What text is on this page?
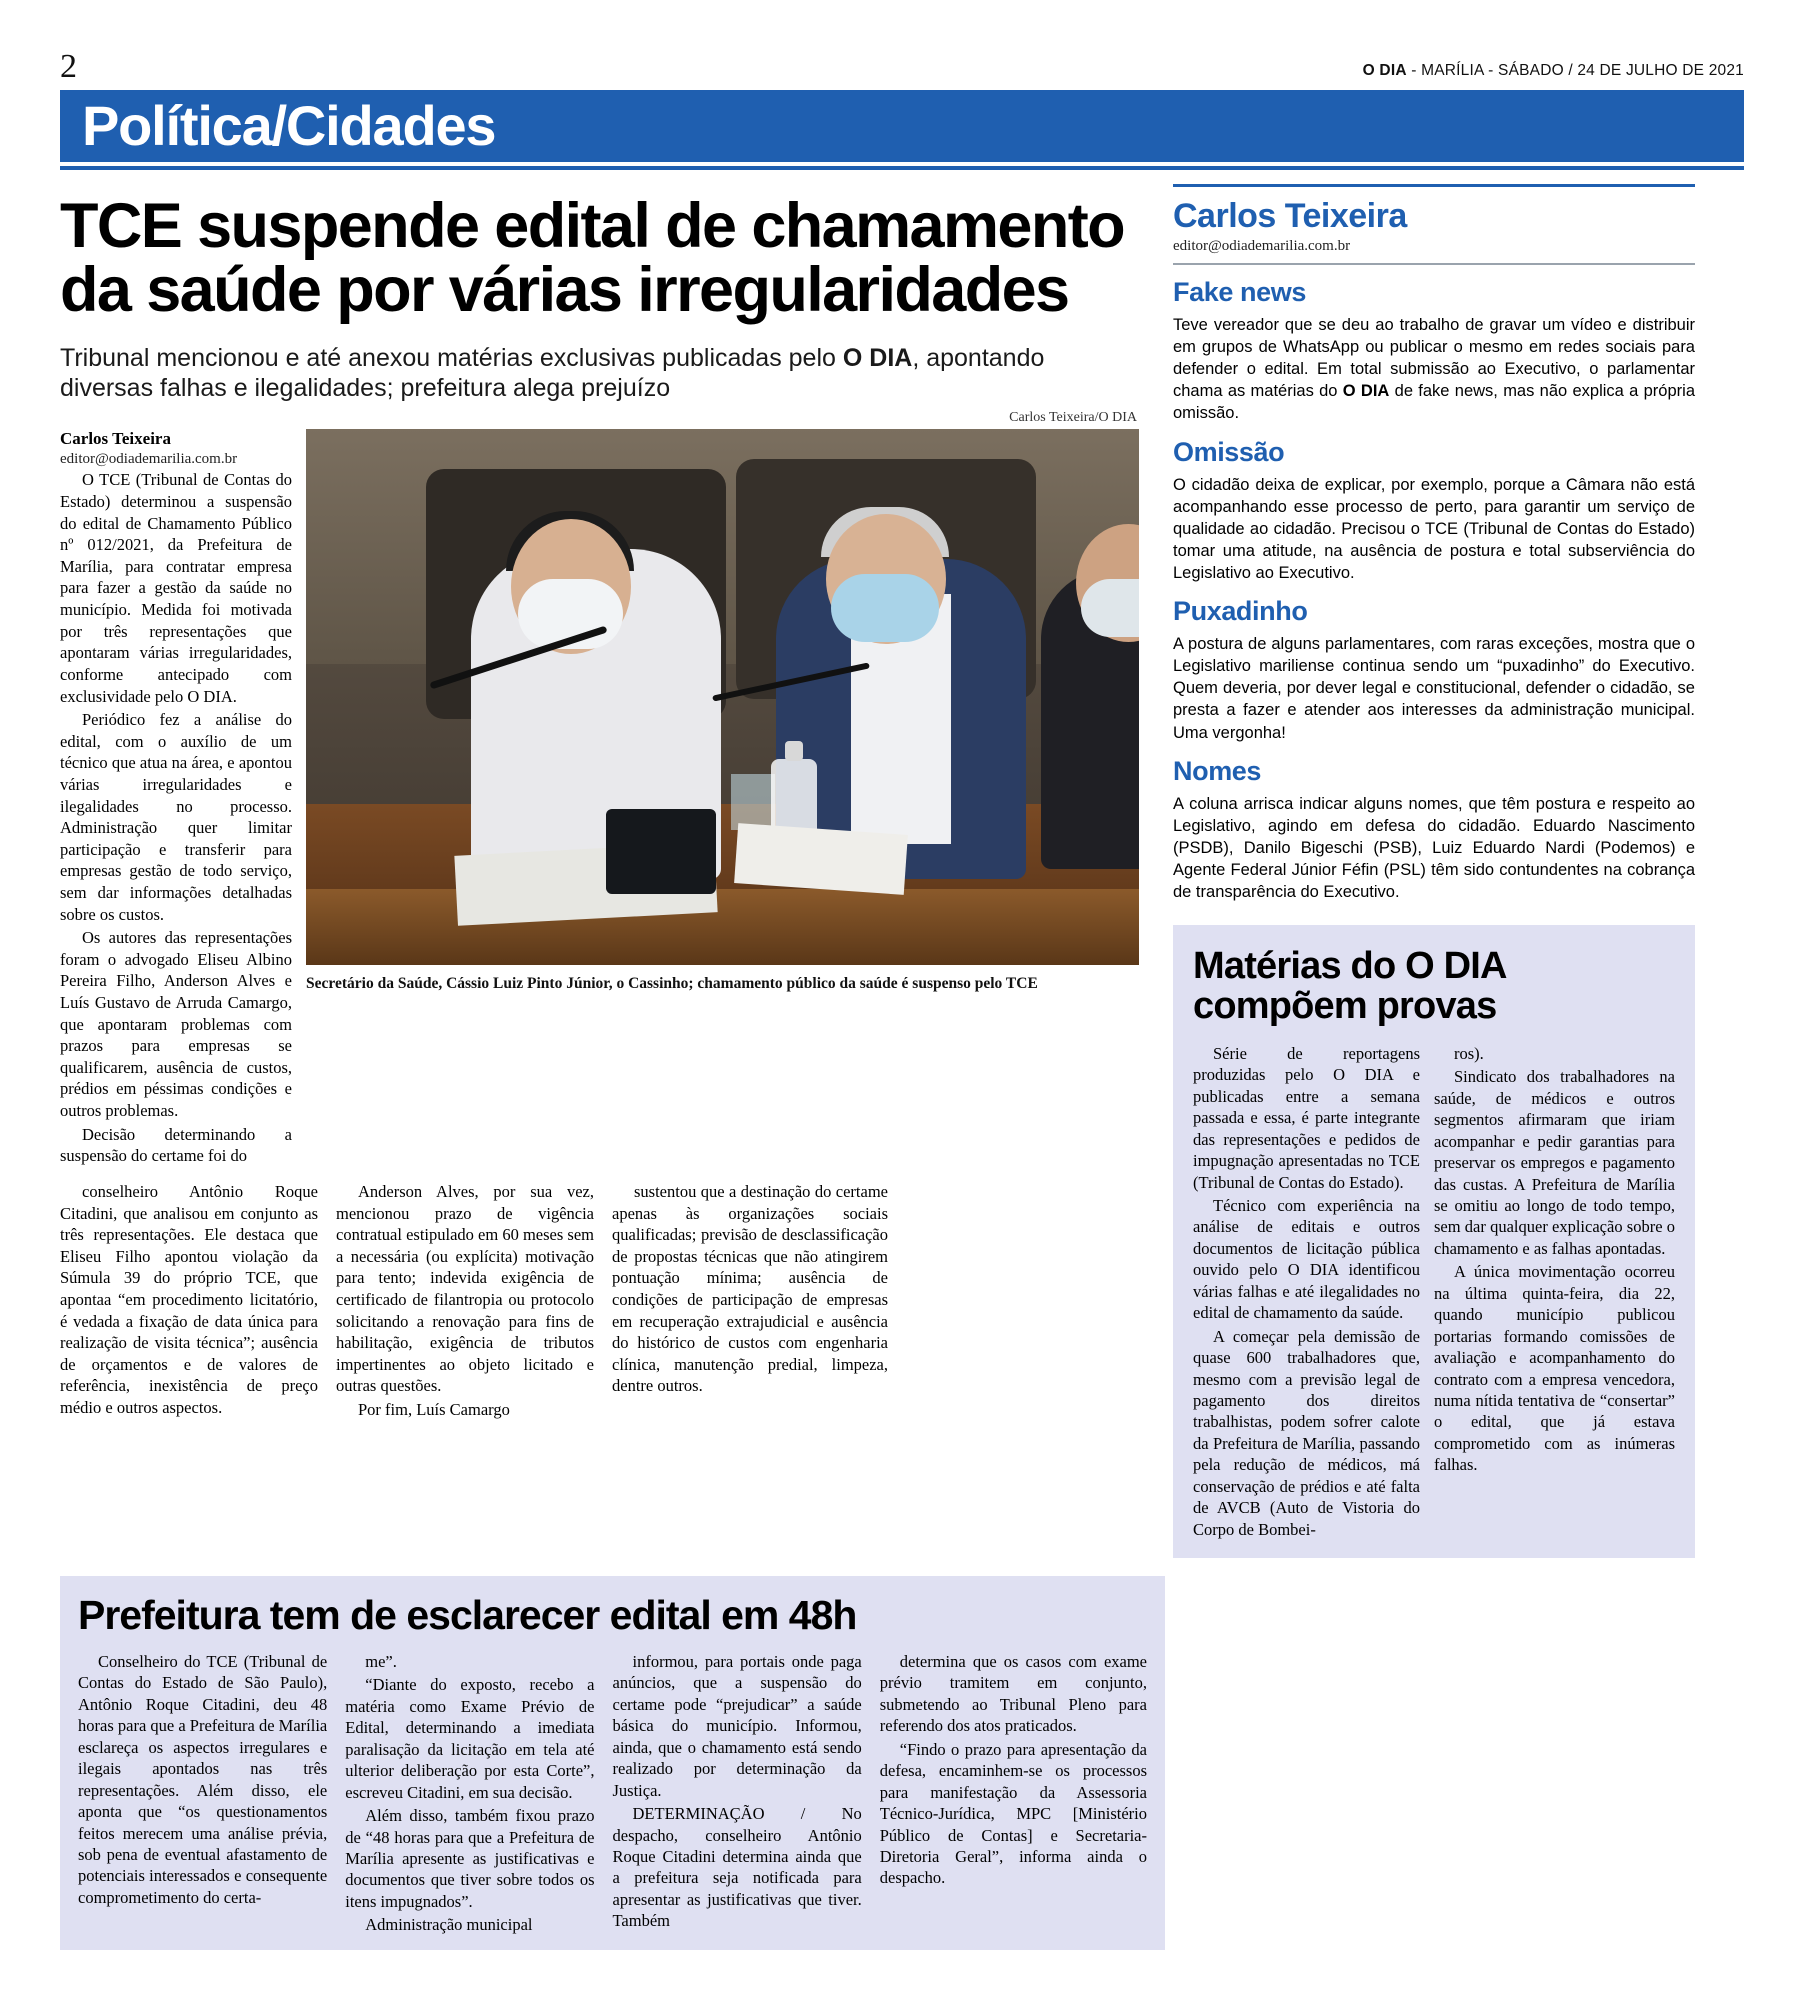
2	O DIA - MARÍLIA - SÁBADO / 24 DE JULHO DE 2021
Política/Cidades
TCE suspende edital de chamamento da saúde por várias irregularidades
Tribunal mencionou e até anexou matérias exclusivas publicadas pelo O DIA, apontando diversas falhas e ilegalidades; prefeitura alega prejuízo
Carlos Teixeira
editor@odiademarilia.com.br

O TCE (Tribunal de Contas do Estado) determinou a suspensão do edital de Chamamento Público nº 012/2021, da Prefeitura de Marília, para contratar empresa para fazer a gestão da saúde no município. Medida foi motivada por três representações que apontaram várias irregularidades, conforme antecipado com exclusividade pelo O DIA.

Periódico fez a análise do edital, com o auxílio de um técnico que atua na área, e apontou várias irregularidades e ilegalidades no processo. Administração quer limitar participação e transferir para empresas gestão de todo serviço, sem dar informações detalhadas sobre os custos.

Os autores das representações foram o advogado Eliseu Albino Pereira Filho, Anderson Alves e Luís Gustavo de Arruda Camargo, que apontaram problemas com prazos para empresas se qualificarem, ausência de custos, prédios em péssimas condições e outros problemas.

Decisão determinando a suspensão do certame foi do

Carlos Teixeira/O DIA
Secretário da Saúde, Cássio Luiz Pinto Júnior, o Cassinho; chamamento público da saúde é suspenso pelo TCE

conselheiro Antônio Roque Citadini, que analisou em conjunto as três representações. Ele destaca que Eliseu Filho apontou violação da Súmula 39 do próprio TCE, que apontaa “em procedimento licitatório, é vedada a fixação de data única para realização de visita técnica”; ausência de orçamentos e de valores de referência, inexistência de preço médio e outros aspectos.

Anderson Alves, por sua vez, mencionou prazo de vigência contratual estipulado em 60 meses sem a necessária (ou explícita) motivação para tento; indevida exigência de certificado de filantropia ou protocolo solicitando a renovação para fins de habilitação, exigência de tributos impertinentes ao objeto licitado e outras questões.

Por fim, Luís Camargo

sustentou que a destinação do certame apenas às organizações sociais qualificadas; previsão de desclassificação de propostas técnicas que não atingirem pontuação mínima; ausência de condições de participação de empresas em recuperação extrajudicial e ausência do histórico de custos com engenharia clínica, manutenção predial, limpeza, dentre outros.

Carlos Teixeira
editor@odiademarilia.com.br
Fake news
Teve vereador que se deu ao trabalho de gravar um vídeo e distribuir em grupos de WhatsApp ou publicar o mesmo em redes sociais para defender o edital. Em total submissão ao Executivo, o parlamentar chama as matérias do O DIA de fake news, mas não explica a própria omissão.
Omissão
O cidadão deixa de explicar, por exemplo, porque a Câmara não está acompanhando esse processo de perto, para garantir um serviço de qualidade ao cidadão. Precisou o TCE (Tribunal de Contas do Estado) tomar uma atitude, na ausência de postura e total subserviência do Legislativo ao Executivo.
Puxadinho
A postura de alguns parlamentares, com raras exceções, mostra que o Legislativo mariliense continua sendo um “puxadinho” do Executivo. Quem deveria, por dever legal e constitucional, defender o cidadão, se presta a fazer e atender aos interesses da administração municipal. Uma vergonha!
Nomes
A coluna arrisca indicar alguns nomes, que têm postura e respeito ao Legislativo, agindo em defesa do cidadão. Eduardo Nascimento (PSDB), Danilo Bigeschi (PSB), Luiz Eduardo Nardi (Podemos) e Agente Federal Júnior Féfin (PSL) têm sido contundentes na cobrança de transparência do Executivo.
Matérias do O DIA compõem provas

Série de reportagens produzidas pelo O DIA e publicadas entre a semana passada e essa, é parte integrante das representações e pedidos de impugnação apresentadas no TCE (Tribunal de Contas do Estado).

Técnico com experiência na análise de editais e outros documentos de licitação pública ouvido pelo O DIA identificou várias falhas e até ilegalidades no edital de chamamento da saúde.

A começar pela demissão de quase 600 trabalhadores que, mesmo com a previsão legal de pagamento dos direitos trabalhistas, podem sofrer calote da Prefeitura de Marília, passando pela redução de médicos, má conservação de prédios e até falta de AVCB (Auto de Vistoria do Corpo de Bombei-

ros).

Sindicato dos trabalhadores na saúde, de médicos e outros segmentos afirmaram que iriam acompanhar e pedir garantias para preservar os empregos e pagamento das custas. A Prefeitura de Marília se omitiu ao longo de todo tempo, sem dar qualquer explicação sobre o chamamento e as falhas apontadas.

A única movimentação ocorreu na última quinta-feira, dia 22, quando município publicou portarias formando comissões de avaliação e acompanhamento do contrato com a empresa vencedora, numa nítida tentativa de “consertar” o edital, que já estava comprometido com as inúmeras falhas.

Prefeitura tem de esclarecer edital em 48h

Conselheiro do TCE (Tribunal de Contas do Estado de São Paulo), Antônio Roque Citadini, deu 48 horas para que a Prefeitura de Marília esclareça os aspectos irregulares e ilegais apontados nas três representações. Além disso, ele aponta que “os questionamentos feitos merecem uma análise prévia, sob pena de eventual afastamento de potenciais interessados e consequente comprometimento do certa-

me”.

“Diante do exposto, recebo a matéria como Exame Prévio de Edital, determinando a imediata paralisação da licitação em tela até ulterior deliberação por esta Corte”, escreveu Citadini, em sua decisão.

Além disso, também fixou prazo de “48 horas para que a Prefeitura de Marília apresente as justificativas e documentos que tiver sobre todos os itens impugnados”.

Administração municipal

informou, para portais onde paga anúncios, que a suspensão do certame pode “prejudicar” a saúde básica do município. Informou, ainda, que o chamamento está sendo realizado por determinação da Justiça.

DETERMINAÇÃO / No despacho, conselheiro Antônio Roque Citadini determina ainda que a prefeitura seja notificada para apresentar as justificativas que tiver. Também

determina que os casos com exame prévio tramitem em conjunto, submetendo ao Tribunal Pleno para referendo dos atos praticados.

“Findo o prazo para apresentação da defesa, encaminhem-se os processos para manifestação da Assessoria Técnico-Jurídica, MPC [Ministério Público de Contas] e Secretaria-Diretoria Geral”, informa ainda o despacho.
